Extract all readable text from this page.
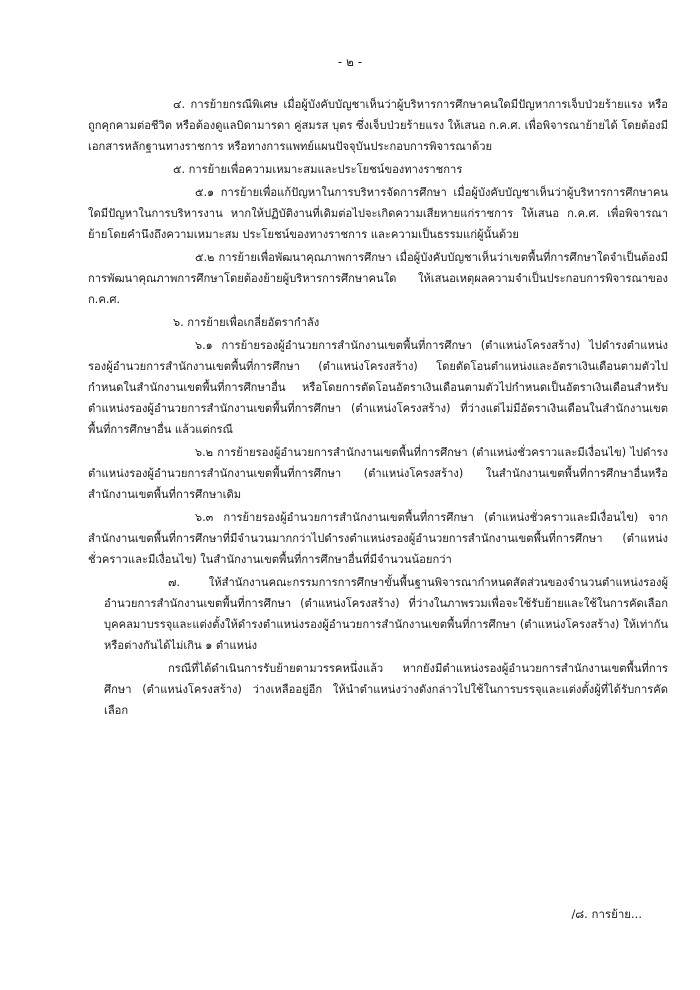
- ๒ -

๔. การย้ายกรณีพิเศษ เมื่อผู้บังคับบัญชาเห็นว่าผู้บริหารการศึกษาคนใดมีปัญหาการเจ็บป่วยร้ายแรง หรือถูกคุกคามต่อชีวิต หรือต้องดูแลบิดามารดา คู่สมรส บุตร ซึ่งเจ็บป่วยร้ายแรง ให้เสนอ ก.ค.ศ. เพื่อพิจารณาย้ายได้ โดยต้องมีเอกสารหลักฐานทางราชการ หรือทางการแพทย์แผนปัจจุบันประกอบการพิจารณาด้วย

๕. การย้ายเพื่อความเหมาะสมและประโยชน์ของทางราชการ

๕.๑ การย้ายเพื่อแก้ปัญหาในการบริหารจัดการศึกษา เมื่อผู้บังคับบัญชาเห็นว่าผู้บริหารการศึกษาคนใดมีปัญหาในการบริหารงาน หากให้ปฏิบัติงานที่เดิมต่อไปจะเกิดความเสียหายแก่ราชการ ให้เสนอ ก.ค.ศ. เพื่อพิจารณาย้ายโดยคำนึงถึงความเหมาะสม ประโยชน์ของทางราชการ และความเป็นธรรมแก่ผู้นั้นด้วย

๕.๒ การย้ายเพื่อพัฒนาคุณภาพการศึกษา เมื่อผู้บังคับบัญชาเห็นว่าเขตพื้นที่การศึกษาใดจำเป็นต้องมีการพัฒนาคุณภาพการศึกษาโดยต้องย้ายผู้บริหารการศึกษาคนใด ให้เสนอเหตุผลความจำเป็นประกอบการพิจารณาของ ก.ค.ศ.

๖. การย้ายเพื่อเกลี่ยอัตรากำลัง

๖.๑ การย้ายรองผู้อำนวยการสำนักงานเขตพื้นที่การศึกษา (ตำแหน่งโครงสร้าง) ไปดำรงตำแหน่งรองผู้อำนวยการสำนักงานเขตพื้นที่การศึกษา (ตำแหน่งโครงสร้าง) โดยตัดโอนตำแหน่งและอัตราเงินเดือนตามตัวไปกำหนดในสำนักงานเขตพื้นที่การศึกษาอื่น หรือโดยการตัดโอนอัตราเงินเดือนตามตัวไปกำหนดเป็นอัตราเงินเดือนสำหรับตำแหน่งรองผู้อำนวยการสำนักงานเขตพื้นที่การศึกษา (ตำแหน่งโครงสร้าง) ที่ว่างแต่ไม่มีอัตราเงินเดือนในสำนักงานเขตพื้นที่การศึกษาอื่น แล้วแต่กรณี

๖.๒ การย้ายรองผู้อำนวยการสำนักงานเขตพื้นที่การศึกษา (ตำแหน่งชั่วคราวและมีเงื่อนไข) ไปดำรงตำแหน่งรองผู้อำนวยการสำนักงานเขตพื้นที่การศึกษา (ตำแหน่งโครงสร้าง) ในสำนักงานเขตพื้นที่การศึกษาอื่นหรือสำนักงานเขตพื้นที่การศึกษาเดิม

๖.๓ การย้ายรองผู้อำนวยการสำนักงานเขตพื้นที่การศึกษา (ตำแหน่งชั่วคราวและมีเงื่อนไข) จากสำนักงานเขตพื้นที่การศึกษาที่มีจำนวนมากกว่าไปดำรงตำแหน่งรองผู้อำนวยการสำนักงานเขตพื้นที่การศึกษา (ตำแหน่งชั่วคราวและมีเงื่อนไข) ในสำนักงานเขตพื้นที่การศึกษาอื่นที่มีจำนวนน้อยกว่า

๗. ให้สำนักงานคณะกรรมการการศึกษาขั้นพื้นฐานพิจารณากำหนดสัดส่วนของจำนวนตำแหน่งรองผู้อำนวยการสำนักงานเขตพื้นที่การศึกษา (ตำแหน่งโครงสร้าง) ที่ว่างในภาพรวมเพื่อจะใช้รับย้ายและใช้ในการคัดเลือกบุคคลมาบรรจุและแต่งตั้งให้ดำรงตำแหน่งรองผู้อำนวยการสำนักงานเขตพื้นที่การศึกษา (ตำแหน่งโครงสร้าง) ให้เท่ากันหรือต่างกันได้ไม่เกิน ๑ ตำแหน่ง

กรณีที่ได้ดำเนินการรับย้ายตามวรรคหนึ่งแล้ว หากยังมีตำแหน่งรองผู้อำนวยการสำนักงานเขตพื้นที่การศึกษา (ตำแหน่งโครงสร้าง) ว่างเหลืออยู่อีก ให้นำตำแหน่งว่างดังกล่าวไปใช้ในการบรรจุและแต่งตั้งผู้ที่ได้รับการคัดเลือก

/๘. การย้าย...
